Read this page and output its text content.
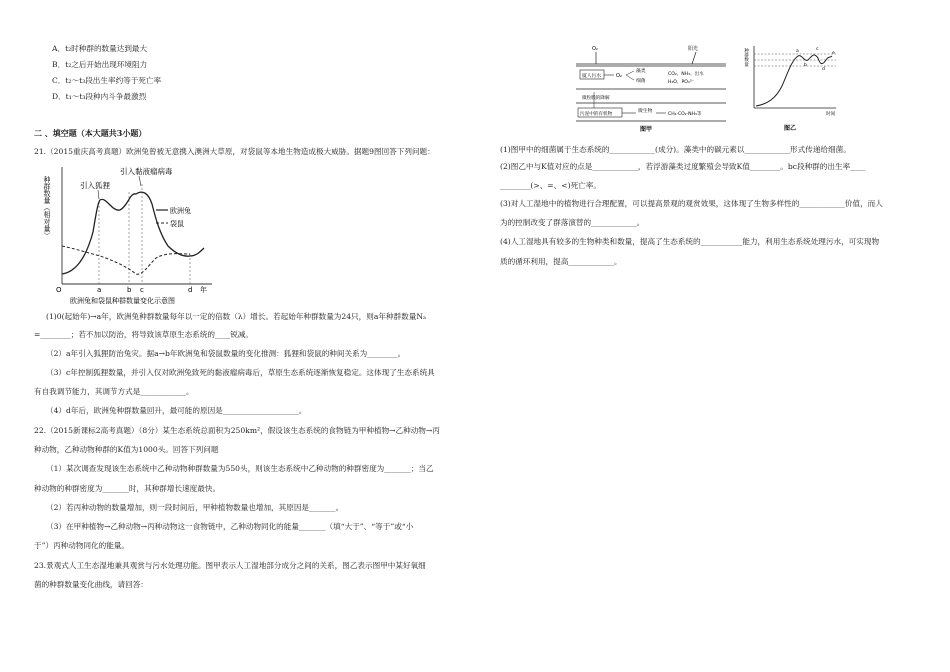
A．t₂时种群的数量达到最大
B．t₂之后开始出现环境阻力
C．t₂～t₃段出生率约等于死亡率
D．t₁～t₃段种内斗争最激烈
二 、填空题（本大题共3小题）
21.（2015重庆高考真题）欧洲兔曾被无意携入澳洲大草原，对袋鼠等本地生物造成极大威胁。据题9图回答下列问题：
种群数量（相对量）
O	a	b c	d 年
引入狐狸
引入黏液瘤病毒
欧洲兔
袋鼠
欧洲兔和袋鼠种群数量变化示意图
(1)0(起始年)→a年，欧洲兔种群数量每年以一定的倍数（λ）增长。若起始年种群数量为24只，则a年种群数量Nₐ
=________；若不加以防治，将导致该草原生态系统的____锐减。
（2）a年引入狐狸防治兔灾。据a→b年欧洲兔和袋鼠数量的变化推测：狐狸和袋鼠的种间关系为________。
（3）c年控制狐狸数量，并引入仅对欧洲兔致死的黏液瘤病毒后，草原生态系统逐渐恢复稳定。这体现了生态系统具
有自我调节能力，其调节方式是____________。
（4）d年后，欧洲兔种群数量回升，最可能的原因是____________________。
22.（2015新课标2高考真题）（8分）某生态系统总面积为250km²，假设该生态系统的食物链为甲种植物→乙种动物→丙
种动物，乙种动物种群的K值为1000头。回答下列问题
（1）某次调查发现该生态系统中乙种动物种群数量为550头，则该生态系统中乙种动物的种群密度为_______；当乙
种动物的种群密度为_______时，其种群增长速度最快。
（2）若丙种动物的数量增加，则一段时间后，甲种植物数量也增加，其原因是_______。
（3）在甲种植物→乙种动物→丙种动物这一食物链中，乙种动物同化的能量_______（填“大于”、“等于”或“小
于”）丙种动物同化的能量。
23.景观式人工生态湿地兼具观赏与污水处理功能。图甲表示人工湿地部分成分之间的关系，图乙表示图甲中某好氧细
菌的种群数量变化曲线，请回答：
O₂	阳光
厦人污水	O₂
藻类
细菌
CO₂、NH₃、出水
H₂O、PO₄³⁻
微粒膜的降解
污泥中的有机物
微生物
CH₄·CO₂·NH₃等
图甲
种群数量	a
b
c
d
e
时间
图乙
(1)图甲中的细菌属于生态系统的____________(成分)。藻类中的碳元素以____________形式传递给细菌。
(2)图乙中与K值对应的点是____________，若浮游藻类过度繁殖会导致K值________。bc段种群的出生率____
________(>、=、<)死亡率。
(3)对人工湿地中的植物进行合理配置，可以提高景观的观赏效果，这体现了生物多样性的____________价值，而人
为的控制改变了群落演替的____________。
(4)人工湿地具有较多的生物种类和数量，提高了生态系统的___________能力，利用生态系统处理污水，可实现物
质的循环利用，提高____________。
